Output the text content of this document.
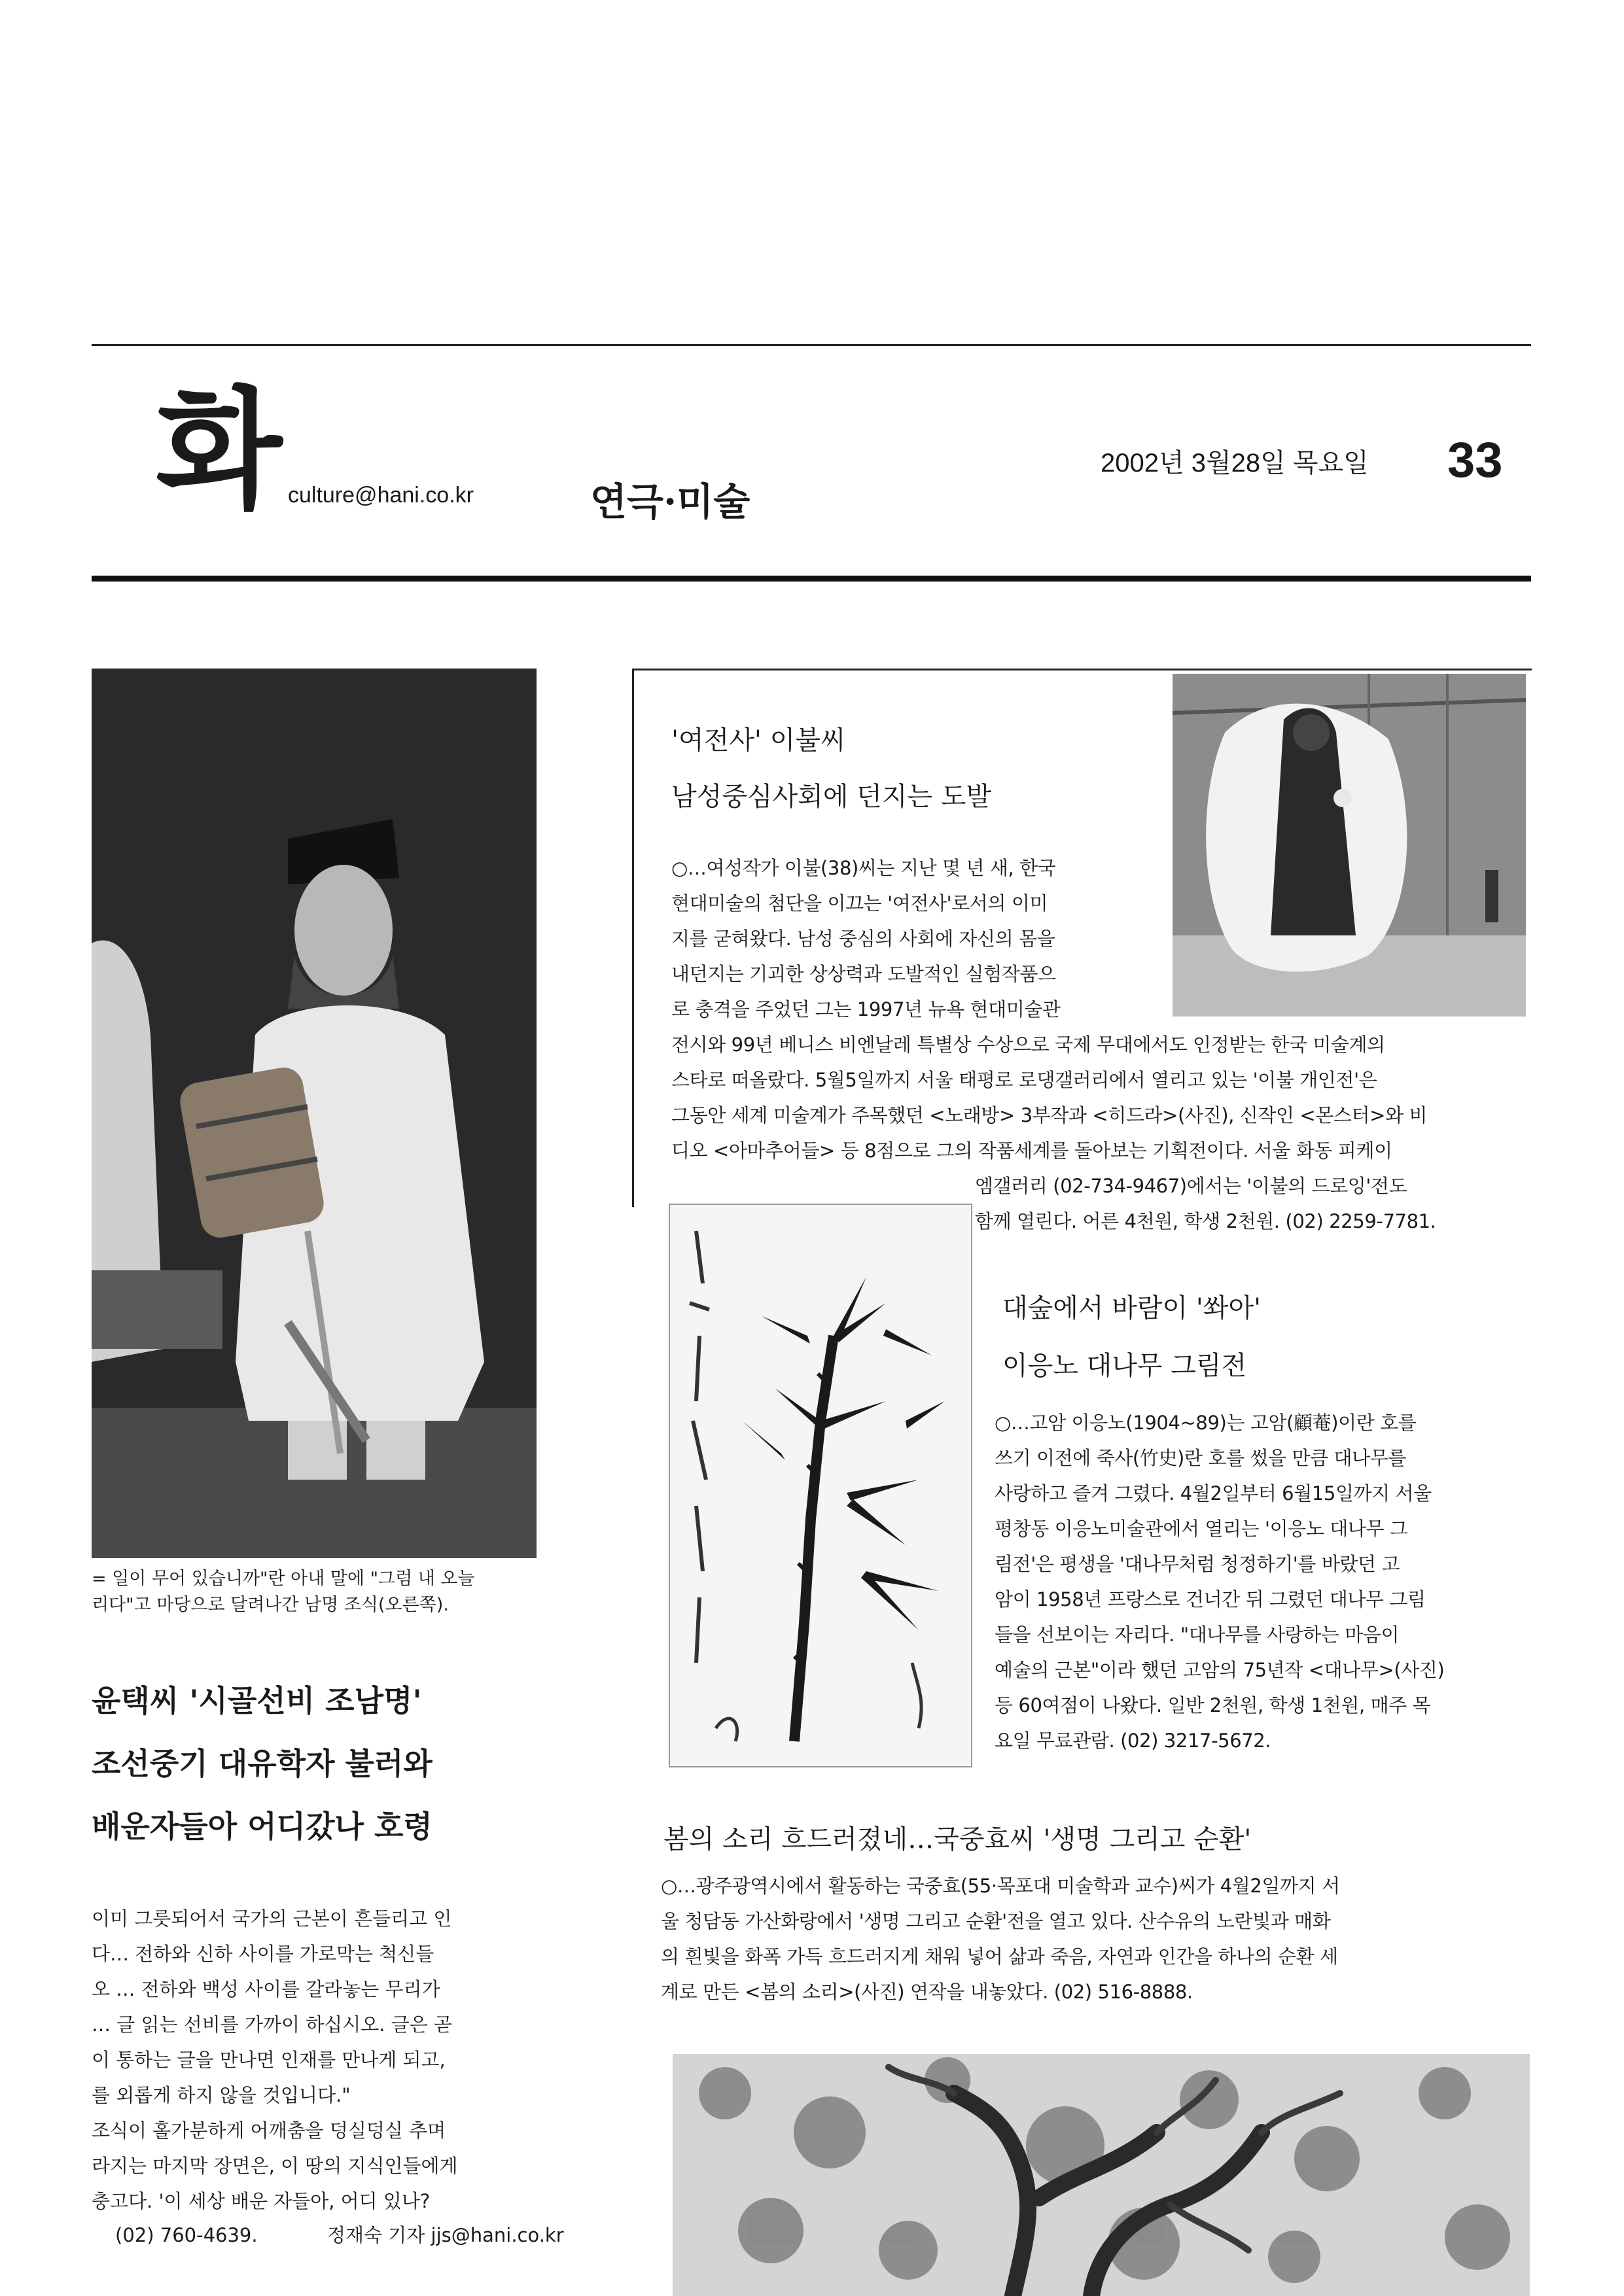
화 culture@hani.co.kr	연극·미술
2002년 3월28일 목요일 33
= 일이 무어 있습니까"란 아내 말에 "그럼 내 오늘
리다"고 마당으로 달려나간 남명 조식(오른쪽).
윤택씨 '시골선비 조남명'
조선중기 대유학자 불러와
배운자들아 어디갔나 호령
이미 그릇되어서 국가의 근본이 흔들리고 인
다… 전하와 신하 사이를 가로막는 척신들
오 … 전하와 백성 사이를 갈라놓는 무리가
… 글 읽는 선비를 가까이 하십시오. 글은 곧
이 통하는 글을 만나면 인재를 만나게 되고,
를 외롭게 하지 않을 것입니다."
조식이 홀가분하게 어깨춤을 덩실덩실 추며
라지는 마지막 장면은, 이 땅의 지식인들에게
충고다. '이 세상 배운 자들아, 어디 있나?
(02) 760-4639.	정재숙 기자 jjs@hani.co.kr
'여전사' 이불씨
남성중심사회에 던지는 도발
○…여성작가 이불(38)씨는 지난 몇 년 새, 한국
현대미술의 첨단을 이끄는 '여전사'로서의 이미
지를 굳혀왔다. 남성 중심의 사회에 자신의 몸을
내던지는 기괴한 상상력과 도발적인 실험작품으
로 충격을 주었던 그는 1997년 뉴욕 현대미술관
전시와 99년 베니스 비엔날레 특별상 수상으로 국제 무대에서도 인정받는 한국 미술계의
스타로 떠올랐다. 5월5일까지 서울 태평로 로댕갤러리에서 열리고 있는 '이불 개인전'은
그동안 세계 미술계가 주목했던 <노래방> 3부작과 <히드라>(사진), 신작인 <몬스터>와 비
디오 <아마추어들> 등 8점으로 그의 작품세계를 돌아보는 기획전이다. 서울 화동 피케이
엠갤러리 (02-734-9467)에서는 '이불의 드로잉'전도
함께 열린다. 어른 4천원, 학생 2천원. (02) 2259-7781.
대숲에서 바람이 '쏴아'
이응노 대나무 그림전
○…고암 이응노(1904~89)는 고암(顧菴)이란 호를
쓰기 이전에 죽사(竹史)란 호를 썼을 만큼 대나무를
사랑하고 즐겨 그렸다. 4월2일부터 6월15일까지 서울
평창동 이응노미술관에서 열리는 '이응노 대나무 그
림전'은 평생을 '대나무처럼 청정하기'를 바랐던 고
암이 1958년 프랑스로 건너간 뒤 그렸던 대나무 그림
들을 선보이는 자리다. "대나무를 사랑하는 마음이
예술의 근본"이라 했던 고암의 75년작 <대나무>(사진)
등 60여점이 나왔다. 일반 2천원, 학생 1천원, 매주 목
요일 무료관람. (02) 3217-5672.
봄의 소리 흐드러졌네…국중효씨 '생명 그리고 순환'
○…광주광역시에서 활동하는 국중효(55·목포대 미술학과 교수)씨가 4월2일까지 서
울 청담동 가산화랑에서 '생명 그리고 순환'전을 열고 있다. 산수유의 노란빛과 매화
의 흰빛을 화폭 가득 흐드러지게 채워 넣어 삶과 죽음, 자연과 인간을 하나의 순환 세
계로 만든 <봄의 소리>(사진) 연작을 내놓았다. (02) 516-8888.
